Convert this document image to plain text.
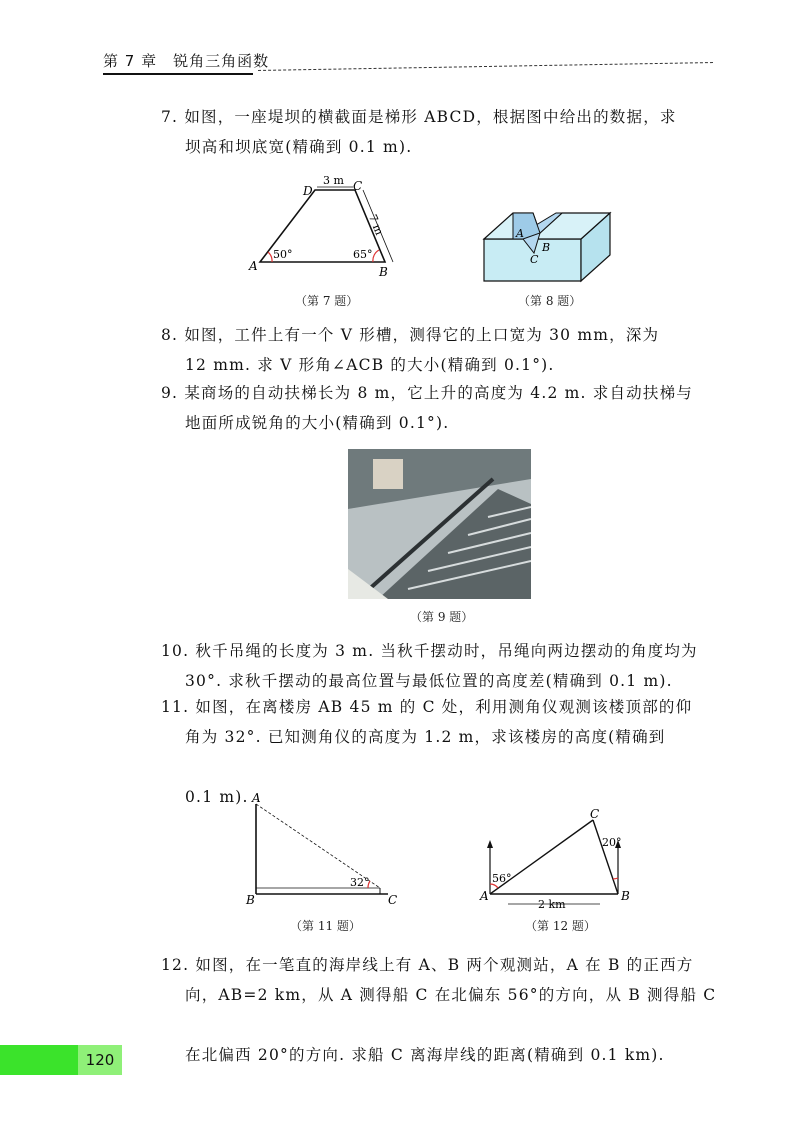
第 7 章　锐角三角函数
7. 如图，一座堤坝的横截面是梯形 ABCD，根据图中给出的数据，求

坝高和坝底宽(精确到 0.1 m).
A	B
C
D
3 m
7 m
50°	65°
（第 7 题）
A
B
C
（第 8 题）
8. 如图，工件上有一个 V 形槽，测得它的上口宽为 30 mm，深为

12 mm. 求 V 形角∠ACB 的大小(精确到 0.1°).
9. 某商场的自动扶梯长为 8 m，它上升的高度为 4.2 m. 求自动扶梯与

地面所成锐角的大小(精确到 0.1°).
（第 9 题）
10. 秋千吊绳的长度为 3 m. 当秋千摆动时，吊绳向两边摆动的角度均为

30°. 求秋千摆动的最高位置与最低位置的高度差(精确到 0.1 m).
11. 如图，在离楼房 AB 45 m 的 C 处，利用测角仪观测该楼顶部的仰

角为 32°. 已知测角仪的高度为 1.2 m，求该楼房的高度(精确到

0.1 m). A
B	C
32°
（第 11 题）
A	B
C
56°
20°
2 km
（第 12 题）
12. 如图，在一笔直的海岸线上有 A、B 两个观测站，A 在 B 的正西方

向，AB=2 km，从 A 测得船 C 在北偏东 56°的方向，从 B 测得船 C

在北偏西 20°的方向. 求船 C 离海岸线的距离(精确到 0.1 km).
120
